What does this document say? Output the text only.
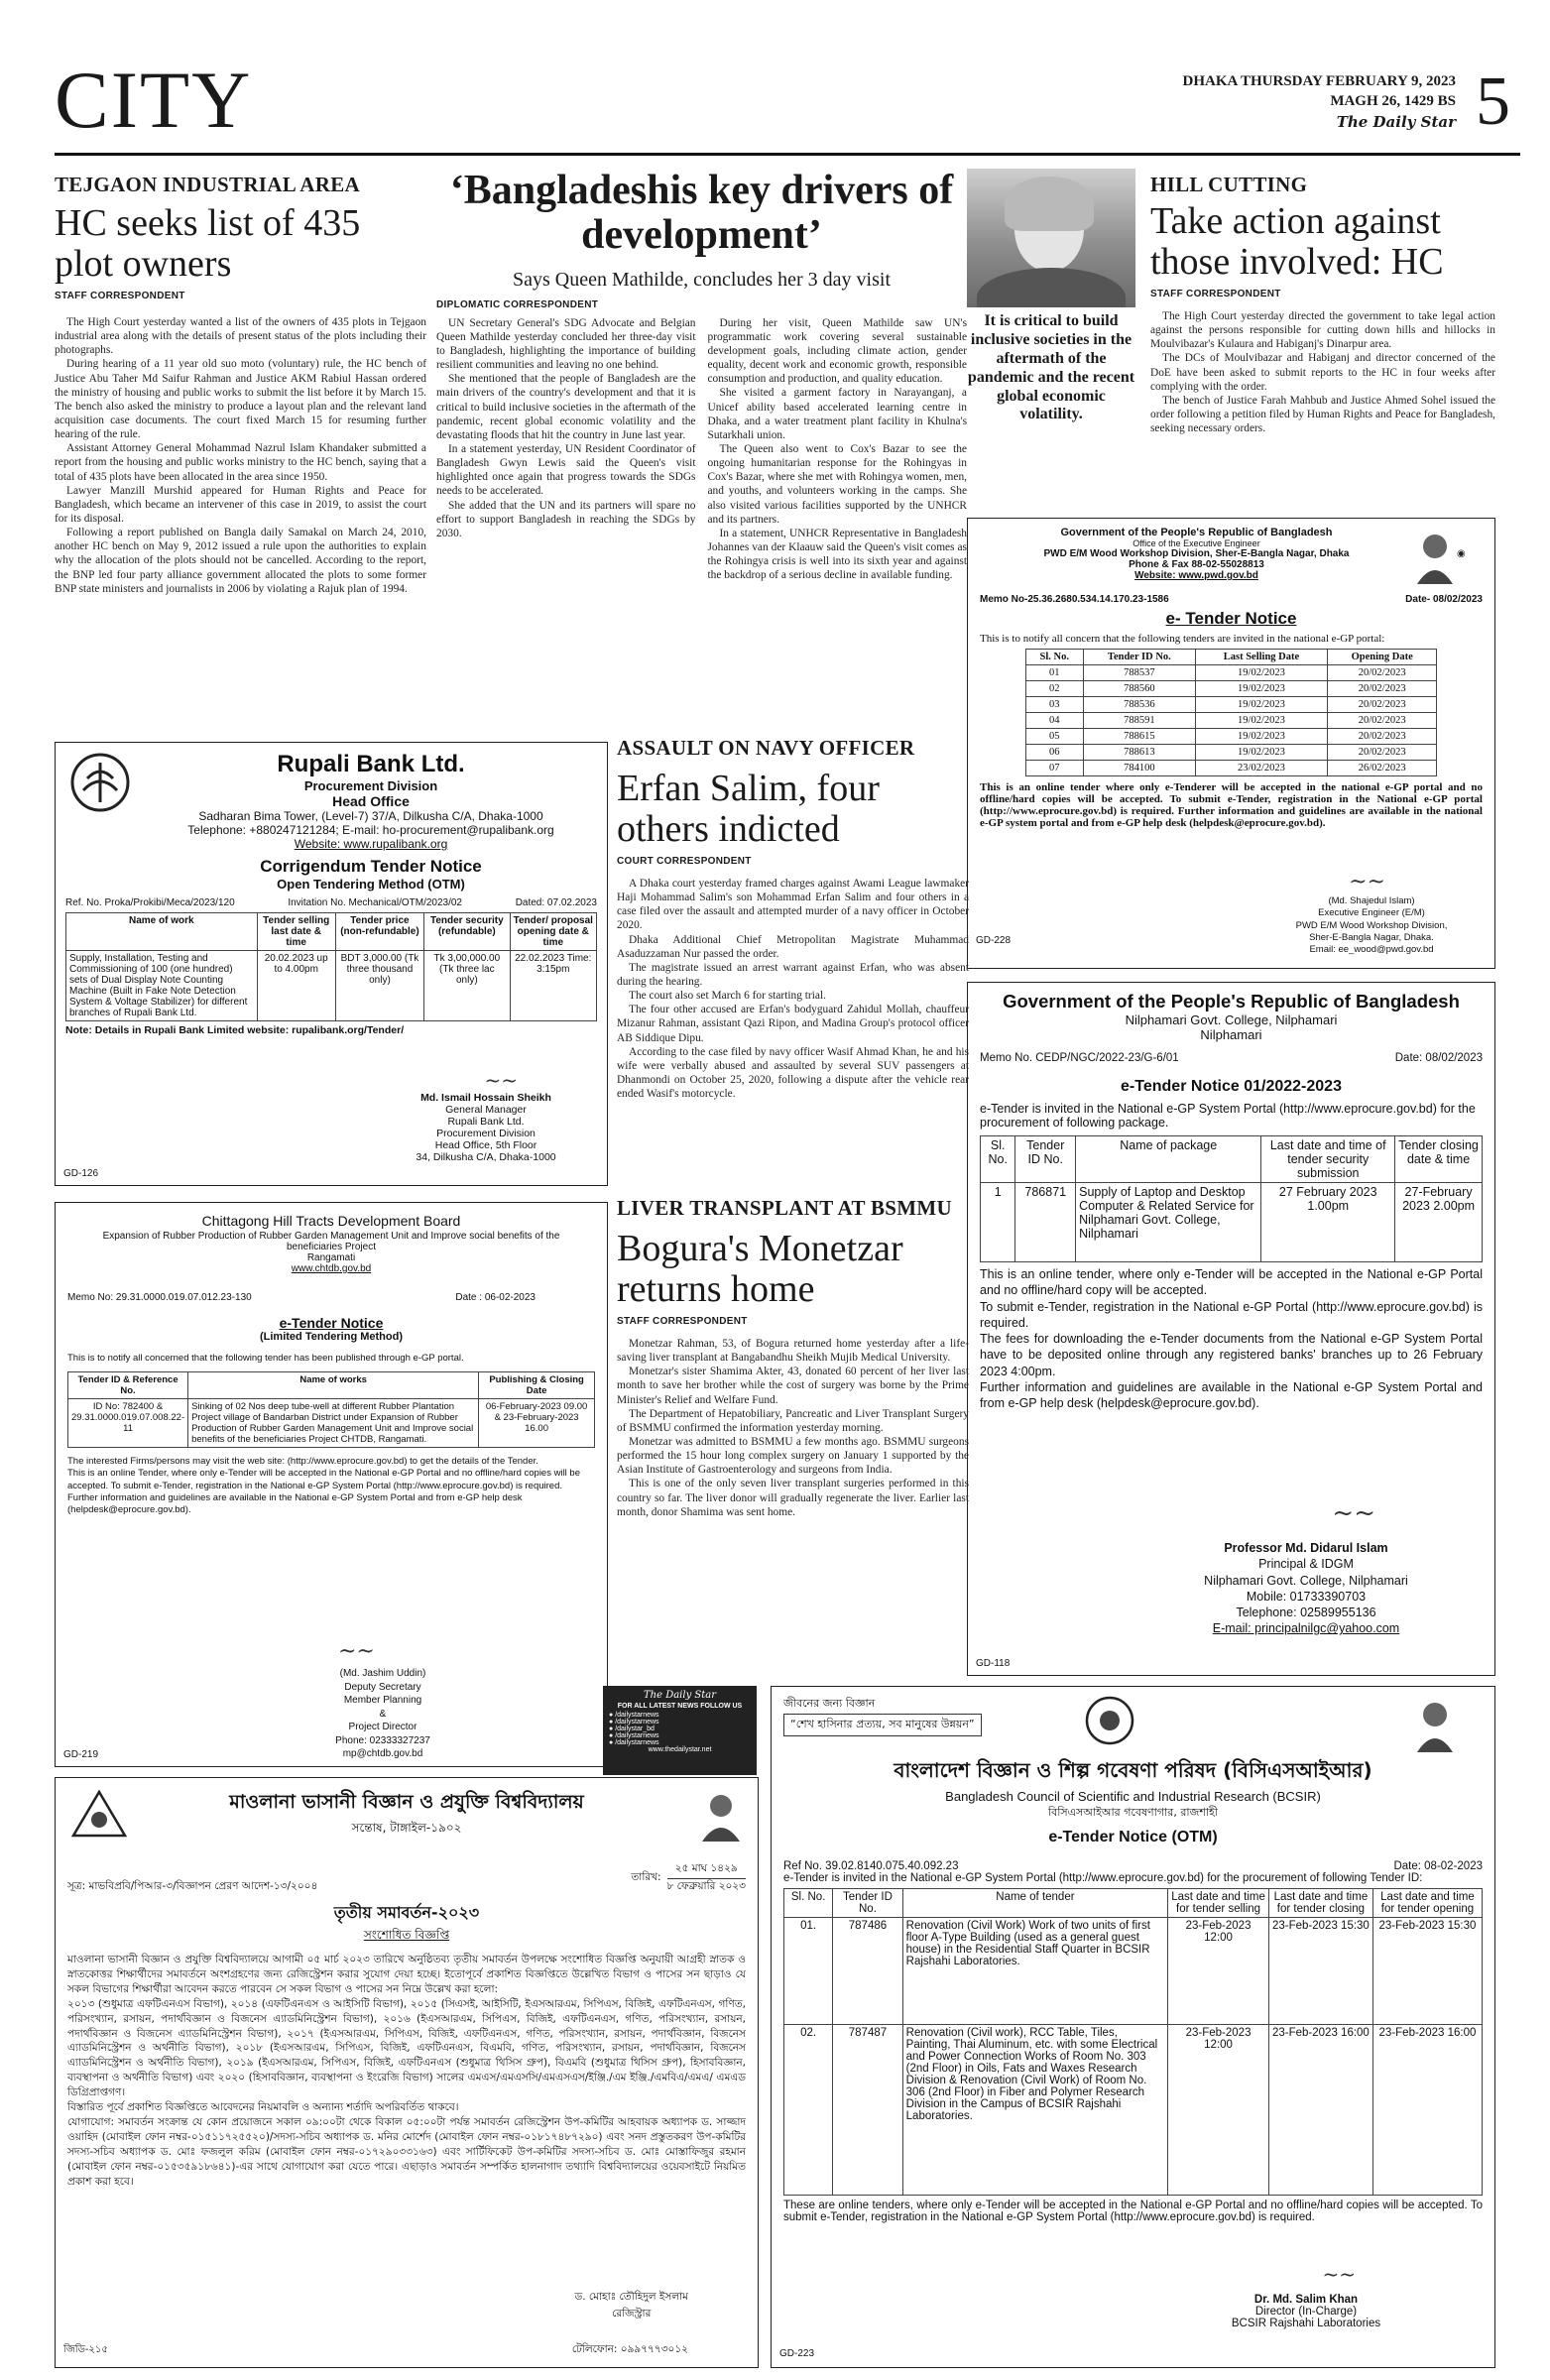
CITY	DHAKA THURSDAY FEBRUARY 9, 2023
MAGH 26, 1429 BS
The Daily Star 5
TEJGAON INDUSTRIAL AREA
HC seeks list of 435 plot owners
STAFF CORRESPONDENT

The High Court yesterday wanted a list of the owners of 435 plots in Tejgaon industrial area along with the details of present status of the plots including their photographs.

During hearing of a 11 year old suo moto (voluntary) rule, the HC bench of Justice Abu Taher Md Saifur Rahman and Justice AKM Rabiul Hassan ordered the ministry of housing and public works to submit the list before it by March 15. The bench also asked the ministry to produce a layout plan and the relevant land acquisition case documents. The court fixed March 15 for resuming further hearing of the rule.

Assistant Attorney General Mohammad Nazrul Islam Khandaker submitted a report from the housing and public works ministry to the HC bench, saying that a total of 435 plots have been allocated in the area since 1950.

Lawyer Manzill Murshid appeared for Human Rights and Peace for Bangladesh, which became an intervener of this case in 2019, to assist the court for its disposal.

Following a report published on Bangla daily Samakal on March 24, 2010, another HC bench on May 9, 2012 issued a rule upon the authorities to explain why the allocation of the plots should not be cancelled. According to the report, the BNP led four party alliance government allocated the plots to some former BNP state ministers and journalists in 2006 by violating a Rajuk plan of 1994.

‘Bangladeshis key drivers of development’
Says Queen Mathilde, concludes her 3 day visit
DIPLOMATIC CORRESPONDENT

UN Secretary General's SDG Advocate and Belgian Queen Mathilde yesterday concluded her three-day visit to Bangladesh, highlighting the importance of building resilient communities and leaving no one behind.

She mentioned that the people of Bangladesh are the main drivers of the country's development and that it is critical to build inclusive societies in the aftermath of the pandemic, recent global economic volatility and the devastating floods that hit the country in June last year.

In a statement yesterday, UN Resident Coordinator of Bangladesh Gwyn Lewis said the Queen's visit highlighted once again that progress towards the SDGs needs to be accelerated.

She added that the UN and its partners will spare no effort to support Bangladesh in reaching the SDGs by 2030.

During her visit, Queen Mathilde saw UN's programmatic work covering several sustainable development goals, including climate action, gender equality, decent work and economic growth, responsible consumption and production, and quality education.

She visited a garment factory in Narayanganj, a Unicef ability based accelerated learning centre in Dhaka, and a water treatment plant facility in Khulna's Sutarkhali union.

The Queen also went to Cox's Bazar to see the ongoing humanitarian response for the Rohingyas in Cox's Bazar, where she met with Rohingya women, men, and youths, and volunteers working in the camps. She also visited various facilities supported by the UNHCR and its partners.

In a statement, UNHCR Representative in Bangladesh Johannes van der Klaauw said the Queen's visit comes as the Rohingya crisis is well into its sixth year and against the backdrop of a serious decline in available funding.

It is critical to build inclusive societies in the aftermath of the pandemic and the recent global economic volatility.
HILL CUTTING
Take action against those involved: HC
STAFF CORRESPONDENT

The High Court yesterday directed the government to take legal action against the persons responsible for cutting down hills and hillocks in Moulvibazar's Kulaura and Habiganj's Dinarpur area.

The DCs of Moulvibazar and Habiganj and director concerned of the DoE have been asked to submit reports to the HC in four weeks after complying with the order.

The bench of Justice Farah Mahbub and Justice Ahmed Sohel issued the order following a petition filed by Human Rights and Peace for Bangladesh, seeking necessary orders.

ASSAULT ON NAVY OFFICER
Erfan Salim, four others indicted
COURT CORRESPONDENT

A Dhaka court yesterday framed charges against Awami League lawmaker Haji Mohammad Salim's son Mohammad Erfan Salim and four others in a case filed over the assault and attempted murder of a navy officer in October 2020.

Dhaka Additional Chief Metropolitan Magistrate Muhammad Asaduzzaman Nur passed the order.

The magistrate issued an arrest warrant against Erfan, who was absent during the hearing.

The court also set March 6 for starting trial.

The four other accused are Erfan's bodyguard Zahidul Mollah, chauffeur Mizanur Rahman, assistant Qazi Ripon, and Madina Group's protocol officer AB Siddique Dipu.

According to the case filed by navy officer Wasif Ahmad Khan, he and his wife were verbally abused and assaulted by several SUV passengers at Dhanmondi on October 25, 2020, following a dispute after the vehicle rear ended Wasif's motorcycle.

LIVER TRANSPLANT AT BSMMU
Bogura's Monetzar returns home
STAFF CORRESPONDENT

Monetzar Rahman, 53, of Bogura returned home yesterday after a life-saving liver transplant at Bangabandhu Sheikh Mujib Medical University.

Monetzar's sister Shamima Akter, 43, donated 60 percent of her liver last month to save her brother while the cost of surgery was borne by the Prime Minister's Relief and Welfare Fund.

The Department of Hepatobiliary, Pancreatic and Liver Transplant Surgery of BSMMU confirmed the information yesterday morning.

Monetzar was admitted to BSMMU a few months ago. BSMMU surgeons performed the 15 hour long complex surgery on January 1 supported by the Asian Institute of Gastroenterology and surgeons from India.

This is one of the only seven liver transplant surgeries performed in this country so far. The liver donor will gradually regenerate the liver. Earlier last month, donor Shamima was sent home.

Rupali Bank Ltd.
Procurement Division
Head Office
Sadharan Bima Tower, (Level-7) 37/A, Dilkusha C/A, Dhaka-1000
Telephone: +880247121284; E-mail: ho-procurement@rupalibank.org
Website: www.rupalibank.org
Corrigendum Tender Notice
Open Tendering Method (OTM)
Ref. No. Proka/Prokibi/Meca/2023/120	Invitation No. Mechanical/OTM/2023/02	Dated: 07.02.2023
Name of work	Tender selling last date & time	Tender price (non-refundable)	Tender security (refundable)	Tender/ proposal opening date & time
Supply, Installation, Testing and Commissioning of 100 (one hundred) sets of Dual Display Note Counting Machine (Built in Fake Note Detection System & Voltage Stabilizer) for different branches of Rupali Bank Ltd.	20.02.2023 up to 4.00pm	BDT 3,000.00 (Tk three thousand only)	Tk 3,00,000.00 (Tk three lac only)	22.02.2023 Time: 3:15pm
Note: Details in Rupali Bank Limited website: rupalibank.org/Tender/
~~
Md. Ismail Hossain Sheikh
General Manager
Rupali Bank Ltd.
Procurement Division
Head Office, 5th Floor
34, Dilkusha C/A, Dhaka-1000
GD-126
Chittagong Hill Tracts Development Board
Expansion of Rubber Production of Rubber Garden Management Unit and Improve social benefits of the beneficiaries Project
Rangamati
www.chtdb.gov.bd
Memo No: 29.31.0000.019.07.012.23-130	Date : 06-02-2023
e-Tender Notice
(Limited Tendering Method)
This is to notify all concerned that the following tender has been published through e-GP portal.
Tender ID & Reference No.	Name of works	Publishing & Closing Date
ID No: 782400 & 29.31.0000.019.07.008.22-11	Sinking of 02 Nos deep tube-well at different Rubber Plantation Project village of Bandarban District under Expansion of Rubber Production of Rubber Garden Management Unit and Improve social benefits of the beneficiaries Project CHTDB, Rangamati.	06-February-2023 09.00 & 23-February-2023 16.00
The interested Firms/persons may visit the web site: (http://www.eprocure.gov.bd) to get the details of the Tender.
This is an online Tender, where only e-Tender will be accepted in the National e-GP Portal and no offline/hard copies will be accepted. To submit e-Tender, registration in the National e-GP System Portal (http://www.eprocure.gov.bd) is required.
Further information and guidelines are available in the National e-GP System Portal and from e-GP help desk (helpdesk@eprocure.gov.bd).
~~
(Md. Jashim Uddin)
Deputy Secretary
Member Planning
&
Project Director
Phone: 02333327237
mp@chtdb.gov.bd
GD-219
Government of the People's Republic of Bangladesh
Office of the Executive Engineer
PWD E/M Wood Workshop Division, Sher-E-Bangla Nagar, Dhaka
Phone & Fax 88-02-55028813
Website: www.pwd.gov.bd
◉
Memo No-25.36.2680.534.14.170.23-1586	Date- 08/02/2023
e- Tender Notice
This is to notify all concern that the following tenders are invited in the national e-GP portal:
Sl. No.	Tender ID No.	Last Selling Date	Opening Date
01	788537	19/02/2023	20/02/2023
02	788560	19/02/2023	20/02/2023
03	788536	19/02/2023	20/02/2023
04	788591	19/02/2023	20/02/2023
05	788615	19/02/2023	20/02/2023
06	788613	19/02/2023	20/02/2023
07	784100	23/02/2023	26/02/2023
This is an online tender where only e-Tenderer will be accepted in the national e-GP portal and no offline/hard copies will be accepted. To submit e-Tender, registration in the National e-GP portal (http://www.eprocure.gov.bd) is required. Further information and guidelines are available in the national e-GP system portal and from e-GP help desk (helpdesk@eprocure.gov.bd).
~~
(Md. Shajedul Islam)
Executive Engineer (E/M)
PWD E/M Wood Workshop Division,
Sher-E-Bangla Nagar, Dhaka.
Email: ee_wood@pwd.gov.bd
GD-228
Government of the People's Republic of Bangladesh
Nilphamari Govt. College, Nilphamari
Nilphamari
Memo No. CEDP/NGC/2022-23/G-6/01	Date: 08/02/2023
e-Tender Notice 01/2022-2023
e-Tender is invited in the National e-GP System Portal (http://www.eprocure.gov.bd) for the procurement of following package.
Sl. No.	Tender ID No.	Name of package	Last date and time of tender security submission	Tender closing date & time
1	786871	Supply of Laptop and Desktop Computer & Related Service for Nilphamari Govt. College, Nilphamari	27 February 2023 1.00pm	27-February 2023 2.00pm
This is an online tender, where only e-Tender will be accepted in the National e-GP Portal and no offline/hard copy will be accepted.
To submit e-Tender, registration in the National e-GP Portal (http://www.eprocure.gov.bd) is required.
The fees for downloading the e-Tender documents from the National e-GP System Portal have to be deposited online through any registered banks' branches up to 26 February 2023 4:00pm.
Further information and guidelines are available in the National e-GP System Portal and from e-GP help desk (helpdesk@eprocure.gov.bd).
~~
Professor Md. Didarul Islam
Principal & IDGM
Nilphamari Govt. College, Nilphamari
Mobile: 01733390703
Telephone: 02589955136
E-mail: principalnilgc@yahoo.com
GD-118
The Daily Star
FOR ALL LATEST NEWS FOLLOW US
● /dailystarnews
● /dailystarnews
● /dailystar_bd
● /dailystarnews
● /dailystarnews
www.thedailystar.net
জীবনের জন্য বিজ্ঞান
“শেখ হাসিনার প্রত্যয়, সব মানুষের উন্নয়ন”
বাংলাদেশ বিজ্ঞান ও শিল্প গবেষণা পরিষদ (বিসিএসআইআর)
Bangladesh Council of Scientific and Industrial Research (BCSIR)
বিসিএসআইআর গবেষণাগার, রাজশাহী
e-Tender Notice (OTM)
Ref No. 39.02.8140.075.40.092.23	Date: 08-02-2023
e-Tender is invited in the National e-GP System Portal (http://www.eprocure.gov.bd) for the procurement of following Tender ID:
Sl. No.	Tender ID No.	Name of tender	Last date and time for tender selling	Last date and time for tender closing	Last date and time for tender opening
01.	787486	Renovation (Civil Work) Work of two units of first floor A-Type Building (used as a general guest house) in the Residential Staff Quarter in BCSIR Rajshahi Laboratories.	23-Feb-2023 12:00	23-Feb-2023 15:30	23-Feb-2023 15:30
02.	787487	Renovation (Civil work), RCC Table, Tiles, Painting, Thai Aluminum, etc. with some Electrical and Power Connection Works of Room No. 303 (2nd Floor) in Oils, Fats and Waxes Research Division & Renovation (Civil Work) of Room No. 306 (2nd Floor) in Fiber and Polymer Research Division in the Campus of BCSIR Rajshahi Laboratories.	23-Feb-2023 12:00	23-Feb-2023 16:00	23-Feb-2023 16:00
These are online tenders, where only e-Tender will be accepted in the National e-GP Portal and no offline/hard copies will be accepted. To submit e-Tender, registration in the National e-GP System Portal (http://www.eprocure.gov.bd) is required.
~~
Dr. Md. Salim Khan
Director (In-Charge)
BCSIR Rajshahi Laboratories
GD-223
মাওলানা ভাসানী বিজ্ঞান ও প্রযুক্তি বিশ্ববিদ্যালয়
সন্তোষ, টাঙ্গাইল-১৯০২
সূত্র: মাভবিপ্রবি/পিআর-৩/বিজ্ঞাপন প্রেরণ আদেশ-১৩/২০০৪
তারিখ:
২৫ মাঘ ১৪২৯
৮ ফেব্রুয়ারি ২০২৩
তৃতীয় সমাবর্তন-২০২৩
সংশোধিত বিজ্ঞপ্তি

মাওলানা ভাসানী বিজ্ঞান ও প্রযুক্তি বিশ্ববিদ্যালয়ে আগামী ০৫ মার্চ ২০২৩ তারিখে অনুষ্ঠিতব্য তৃতীয় সমাবর্তন উপলক্ষে সংশোধিত বিজ্ঞপ্তি অনুযায়ী আগ্রহী স্নাতক ও স্নাতকোত্তর শিক্ষার্থীদের সমাবর্তনে অংশগ্রহণের জন্য রেজিস্ট্রেশন করার সুযোগ দেয়া হচ্ছে। ইতোপূর্বে প্রকাশিত বিজ্ঞপ্তিতে উল্লেখিত বিভাগ ও পাসের সন ছাড়াও যে সকল বিভাগের শিক্ষার্থীরা আবেদন করতে পারবেন সে সকল বিভাগ ও পাসের সন নিম্নে উল্লেখ করা হলো:

২০১৩ (শুধুমাত্র এফটিএনএস বিভাগ), ২০১৪ (এফটিএনএস ও আইসিটি বিভাগ), ২০১৫ (সিএসই, আইসিটি, ইএসআরএম, সিপিএস, বিজিই, এফটিএনএস, গণিত, পরিসংখ্যান, রসায়ন, পদার্থবিজ্ঞান ও বিজনেস এ্যাডমিনিস্ট্রেশন বিভাগ), ২০১৬ (ইএসআরএম, সিপিএস, বিজিই, এফটিএনএস, গণিত, পরিসংখ্যান, রসায়ন, পদার্থবিজ্ঞান ও বিজনেস এ্যাডমিনিস্ট্রেশন বিভাগ), ২০১৭ (ইএসআরএম, সিপিএস, বিজিই, এফটিএনএস, গণিত, পরিসংখ্যান, রসায়ন, পদার্থবিজ্ঞান, বিজনেস এ্যাডমিনিস্ট্রেশন ও অর্থনীতি বিভাগ), ২০১৮ (ইএসআরএম, সিপিএস, বিজিই, এফটিএনএস, বিএমবি, গণিত, পরিসংখ্যান, রসায়ন, পদার্থবিজ্ঞান, বিজনেস এ্যাডমিনিস্ট্রেশন ও অর্থনীতি বিভাগ), ২০১৯ (ইএসআরএম, সিপিএস, বিজিই, এফটিএনএস (শুধুমাত্র থিসিস গ্রুপ), বিএমবি (শুধুমাত্র থিসিস গ্রুপ), হিসাববিজ্ঞান, ব্যবস্থাপনা ও অর্থনীতি বিভাগ) এবং ২০২০ (হিসাববিজ্ঞান, ব্যবস্থাপনা ও ইংরেজি বিভাগ) সালের এমএস/এমএসসি/এমএসএস/ইঞ্জি./এম ইঞ্জি./এমবিএ/এমএ/ এমএড ডিগ্রিপ্রাপ্তগণ।

বিস্তারিত পূর্বে প্রকাশিত বিজ্ঞপ্তিতে আবেদনের নিয়মাবলি ও অন্যান্য শর্তাদি অপরিবর্তিত থাকবে।

যোগাযোগ: সমাবর্তন সংক্রান্ত যে কোন প্রয়োজনে সকাল ০৯:০০টা থেকে বিকাল ০৫:০০টা পর্যন্ত সমাবর্তন রেজিস্ট্রেশন উপ-কমিটির আহবায়ক অধ্যাপক ড. সাজ্জাদ ওয়াহিদ (মোবাইল ফোন নম্বর-০১৫১১৭২৫৫২০)/সদস্য-সচিব অধ্যাপক ড. মনির মোর্শেদ (মোবাইল ফোন নম্বর-০১৮১৭৪৮৭২৯০) এবং সনদ প্রস্তুতকরণ উপ-কমিটির সদস্য-সচিব অধ্যাপক ড. মোঃ ফজলুল করিম (মোবাইল ফোন নম্বর-০১৭২৯০৩৩১৬৩) এবং সার্টিফিকেট উপ-কমিটির সদস্য-সচিব ড. মোঃ মোস্তাফিজুর রহমান (মোবাইল ফোন নম্বর-০১৫৩৫৯১৮৬৪১)-এর সাথে যোগাযোগ করা যেতে পারে। এছাড়াও সমাবর্তন সম্পর্কিত হালনাগাদ তথ্যাদি বিশ্ববিদ্যালয়ের ওয়েবসাইটে নিয়মিত প্রকাশ করা হবে।

ড. মোহাঃ তৌহিদুল ইসলাম
রেজিস্ট্রার
জিডি-২১৫	টেলিফোন: ০৯৯৭৭৭৩০১২
